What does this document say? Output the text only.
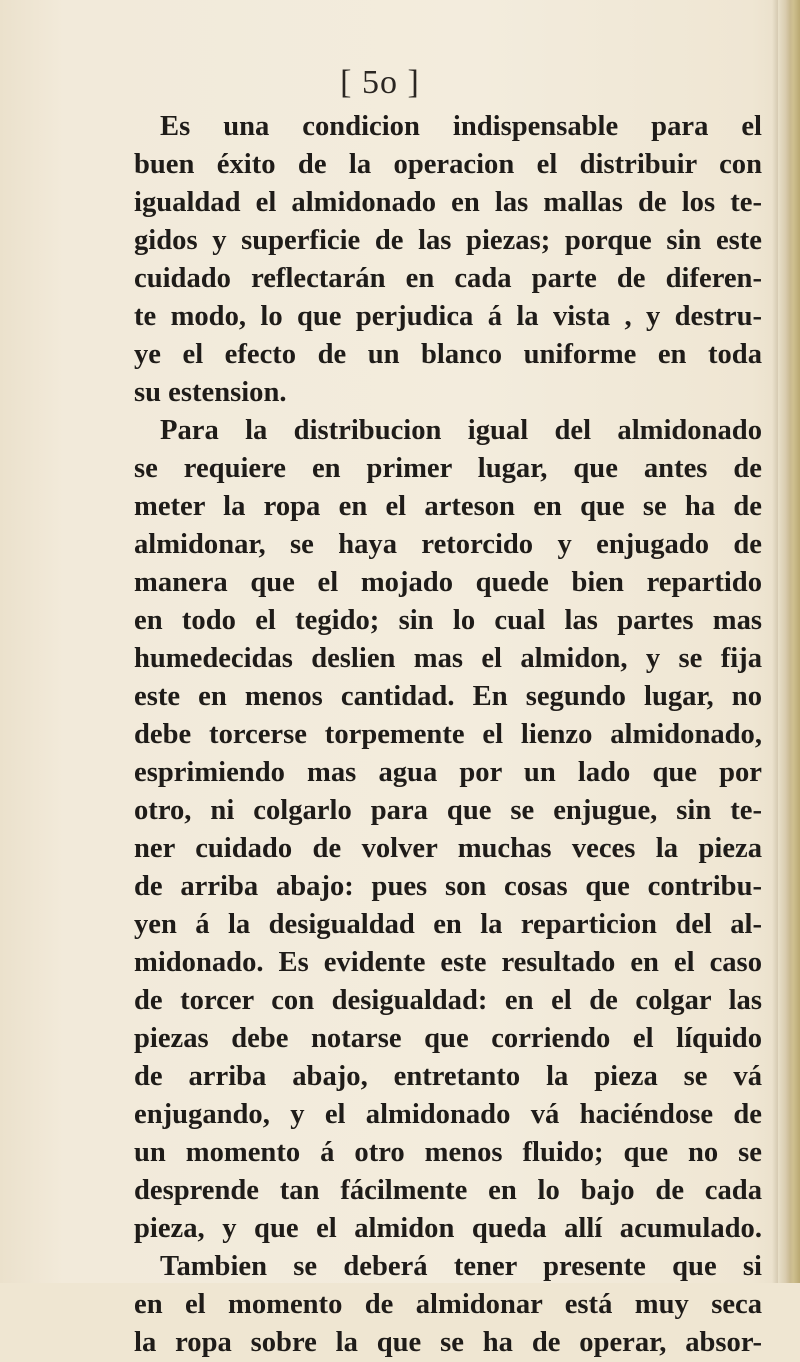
[ 5o ]
Es una condicion indispensable para el
buen éxito de la operacion el distribuir con
igualdad el almidonado en las mallas de los te-
gidos y superficie de las piezas; porque sin este
cuidado reflectarán en cada parte de diferen-
te modo, lo que perjudica á la vista , y destru-
ye el efecto de un blanco uniforme en toda
su estension.
Para la distribucion igual del almidonado
se requiere en primer lugar, que antes de
meter la ropa en el arteson en que se ha de
almidonar, se haya retorcido y enjugado de
manera que el mojado quede bien repartido
en todo el tegido; sin lo cual las partes mas
humedecidas deslien mas el almidon, y se fija
este en menos cantidad. En segundo lugar, no
debe torcerse torpemente el lienzo almidonado,
esprimiendo mas agua por un lado que por
otro, ni colgarlo para que se enjugue, sin te-
ner cuidado de volver muchas veces la pieza
de arriba abajo: pues son cosas que contribu-
yen á la desigualdad en la reparticion del al-
midonado. Es evidente este resultado en el caso
de torcer con desigualdad: en el de colgar las
piezas debe notarse que corriendo el líquido
de arriba abajo, entretanto la pieza se vá
enjugando, y el almidonado vá haciéndose de
un momento á otro menos fluido; que no se
desprende tan fácilmente en lo bajo de cada
pieza, y que el almidon queda allí acumulado.
Tambien se deberá tener presente que si
en el momento de almidonar está muy seca
la ropa sobre la que se ha de operar, absor-
